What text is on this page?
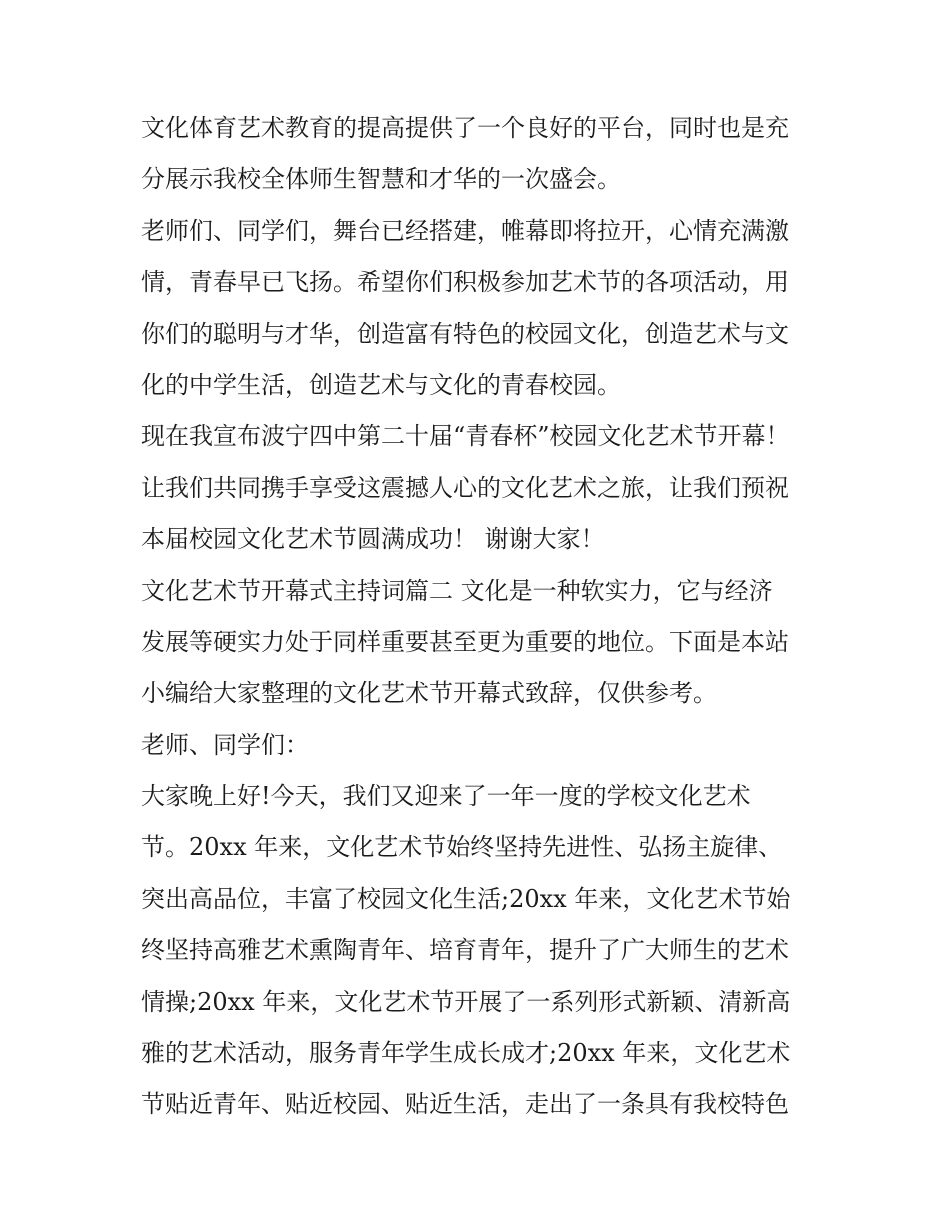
文化体育艺术教育的提高提供了一个良好的平台，同时也是充
分展示我校全体师生智慧和才华的一次盛会。
老师们、同学们，舞台已经搭建，帷幕即将拉开，心情充满激
情，青春早已飞扬。希望你们积极参加艺术节的各项活动，用
你们的聪明与才华，创造富有特色的校园文化，创造艺术与文
化的中学生活，创造艺术与文化的青春校园。
现在我宣布波宁四中第二十届“青春杯”校园文化艺术节开幕！
让我们共同携手享受这震撼人心的文化艺术之旅，让我们预祝
本届校园文化艺术节圆满成功！ 谢谢大家！
文化艺术节开幕式主持词篇二 文化是一种软实力，它与经济
发展等硬实力处于同样重要甚至更为重要的地位。下面是本站
小编给大家整理的文化艺术节开幕式致辞，仅供参考。
老师、同学们：
大家晚上好!今天，我们又迎来了一年一度的学校文化艺术
节。20xx 年来，文化艺术节始终坚持先进性、弘扬主旋律、
突出高品位，丰富了校园文化生活;20xx 年来，文化艺术节始
终坚持高雅艺术熏陶青年、培育青年，提升了广大师生的艺术
情操;20xx 年来，文化艺术节开展了一系列形式新颖、清新高
雅的艺术活动，服务青年学生成长成才;20xx 年来，文化艺术
节贴近青年、贴近校园、贴近生活，走出了一条具有我校特色
